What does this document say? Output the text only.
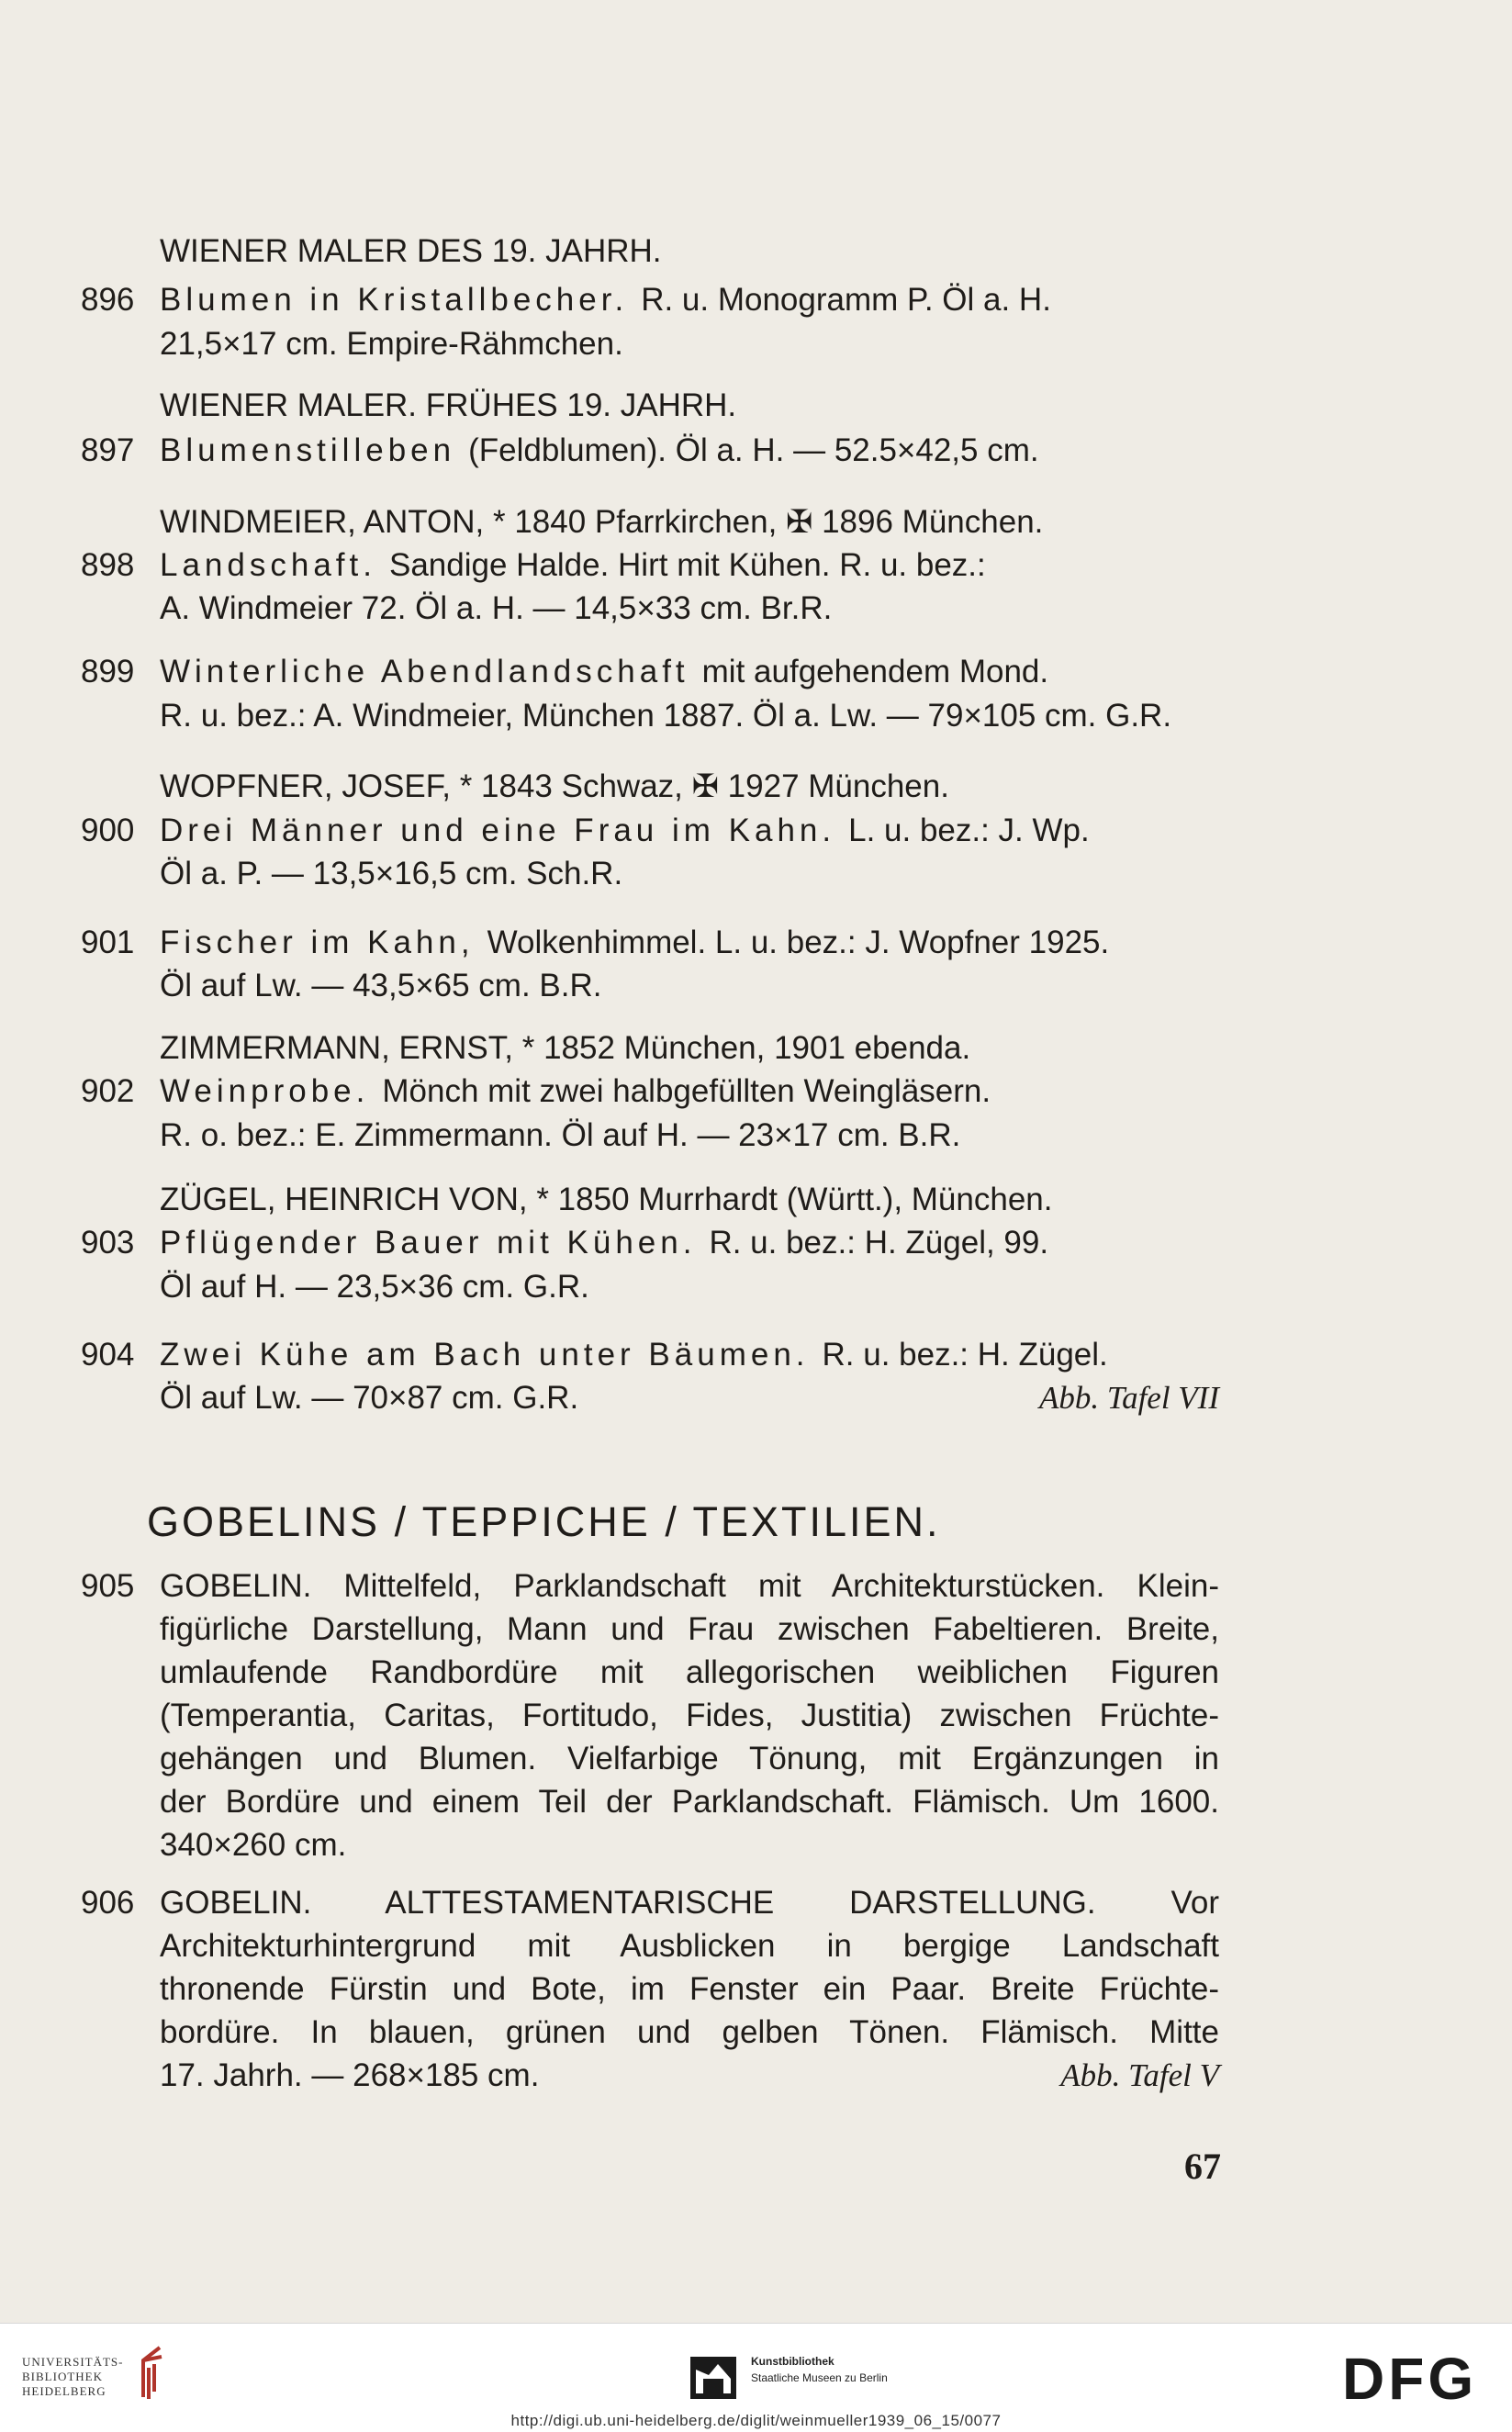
WIENER MALER DES 19. JAHRH.
896 Blumen in Kristallbecher. R. u. Monogramm P. Öl a. H.
21,5×17 cm. Empire-Rähmchen.
WIENER MALER. FRÜHES 19. JAHRH.
897 Blumenstilleben (Feldblumen). Öl a. H. — 52.5×42,5 cm.
WINDMEIER, ANTON, * 1840 Pfarrkirchen, ✠ 1896 München.
898 Landschaft. Sandige Halde. Hirt mit Kühen. R. u. bez.:
A. Windmeier 72. Öl a. H. — 14,5×33 cm. Br.R.
899 Winterliche Abendlandschaft mit aufgehendem Mond.
R. u. bez.: A. Windmeier, München 1887. Öl a. Lw. — 79×105 cm. G.R.
WOPFNER, JOSEF, * 1843 Schwaz, ✠ 1927 München.
900 Drei Männer und eine Frau im Kahn. L. u. bez.: J. Wp.
Öl a. P. — 13,5×16,5 cm. Sch.R.
901 Fischer im Kahn, Wolkenhimmel. L. u. bez.: J. Wopfner 1925.
Öl auf Lw. — 43,5×65 cm. B.R.
ZIMMERMANN, ERNST, * 1852 München, 1901 ebenda.
902 Weinprobe. Mönch mit zwei halbgefüllten Weingläsern.
R. o. bez.: E. Zimmermann. Öl auf H. — 23×17 cm. B.R.
ZÜGEL, HEINRICH VON, * 1850 Murrhardt (Württ.), München.
903 Pflügender Bauer mit Kühen. R. u. bez.: H. Zügel, 99.
Öl auf H. — 23,5×36 cm. G.R.
904 Zwei Kühe am Bach unter Bäumen. R. u. bez.: H. Zügel.
Öl auf Lw. — 70×87 cm. G.R.	Abb. Tafel VII
905 GOBELIN. Mittelfeld, Parklandschaft mit Architekturstücken. Klein-
figürliche Darstellung, Mann und Frau zwischen Fabeltieren. Breite,
umlaufende Randbordüre mit allegorischen weiblichen Figuren
(Temperantia, Caritas, Fortitudo, Fides, Justitia) zwischen Früchte-
gehängen und Blumen. Vielfarbige Tönung, mit Ergänzungen in
der Bordüre und einem Teil der Parklandschaft. Flämisch. Um 1600.
340×260 cm.
906 GOBELIN. ALTTESTAMENTARISCHE DARSTELLUNG. Vor
Architekturhintergrund mit Ausblicken in bergige Landschaft
thronende Fürstin und Bote, im Fenster ein Paar. Breite Früchte-
bordüre. In blauen, grünen und gelben Tönen. Flämisch. Mitte
17. Jahrh. — 268×185 cm.	Abb. Tafel V
GOBELINS / TEPPICHE / TEXTILIEN.
67
UNIVERSITÄTS-
BIBLIOTHEK
HEIDELBERG
Kunstbibliothek
Staatliche Museen zu Berlin	DFG
http://digi.ub.uni-heidelberg.de/diglit/weinmueller1939_06_15/0077
